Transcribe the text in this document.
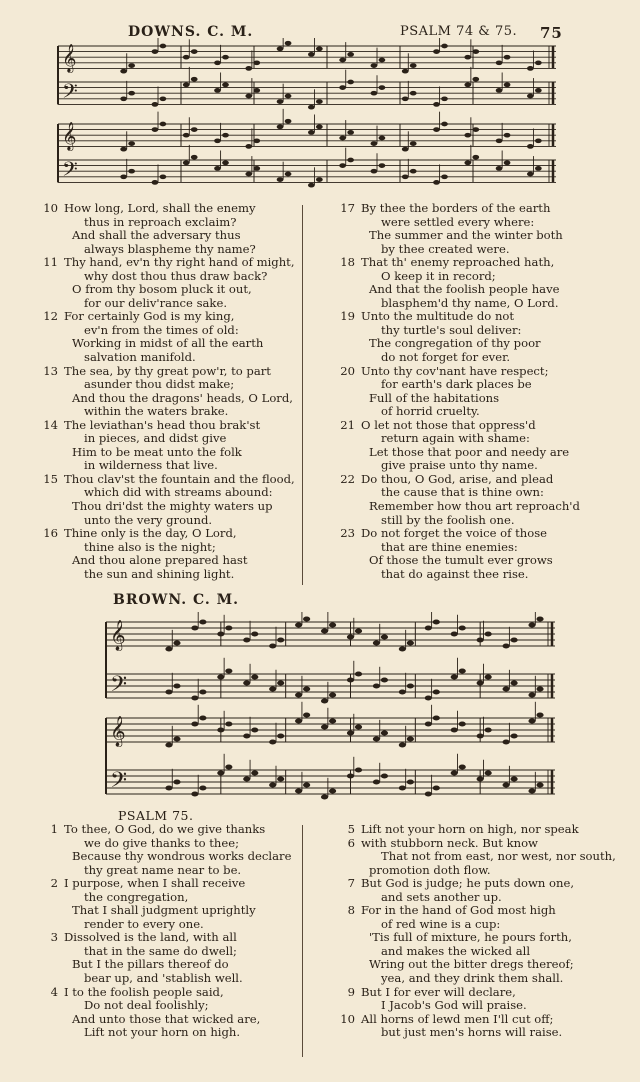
DOWNS. C. M.	PSALM 74 & 75. 75
𝄞
𝄢
𝄞
𝄢
10 How long, Lord, shall the enemy
thus in reproach exclaim?
And shall the adversary thus
always blaspheme thy name?
11 Thy hand, ev'n thy right hand of might,
why dost thou thus draw back?
O from thy bosom pluck it out,
for our deliv'rance sake.
12 For certainly God is my king,
ev'n from the times of old:
Working in midst of all the earth
salvation manifold.
13 The sea, by thy great pow'r, to part
asunder thou didst make;
And thou the dragons' heads, O Lord,
within the waters brake.
14 The leviathan's head thou brak'st
in pieces, and didst give
Him to be meat unto the folk
in wilderness that live.
15 Thou clav'st the fountain and the flood,
which did with streams abound:
Thou dri'dst the mighty waters up
unto the very ground.
16 Thine only is the day, O Lord,
thine also is the night;
And thou alone prepared hast
the sun and shining light.
17 By thee the borders of the earth
were settled every where:
The summer and the winter both
by thee created were.
18 That th' enemy reproached hath,
O keep it in record;
And that the foolish people have
blasphem'd thy name, O Lord.
19 Unto the multitude do not
thy turtle's soul deliver:
The congregation of thy poor
do not forget for ever.
20 Unto thy cov'nant have respect;
for earth's dark places be
Full of the habitations
of horrid cruelty.
21 O let not those that oppress'd
return again with shame:
Let those that poor and needy are
give praise unto thy name.
22 Do thou, O God, arise, and plead
the cause that is thine own:
Remember how thou art reproach'd
still by the foolish one.
23 Do not forget the voice of those
that are thine enemies:
Of those the tumult ever grows
that do against thee rise.
BROWN. C. M.
𝄞
𝄢
𝄞
𝄢
PSALM 75.
1 To thee, O God, do we give thanks
we do give thanks to thee;
Because thy wondrous works declare
thy great name near to be.
2 I purpose, when I shall receive
the congregation,
That I shall judgment uprightly
render to every one.
3 Dissolved is the land, with all
that in the same do dwell;
But I the pillars thereof do
bear up, and 'stablish well.
4 I to the foolish people said,
Do not deal foolishly;
And unto those that wicked are,
Lift not your horn on high.
5 Lift not your horn on high, nor speak
6 with stubborn neck. But know
That not from east, nor west, nor south,
promotion doth flow.
7 But God is judge; he puts down one,
and sets another up.
8 For in the hand of God most high
of red wine is a cup:
'Tis full of mixture, he pours forth,
and makes the wicked all
Wring out the bitter dregs thereof;
yea, and they drink them shall.
9 But I for ever will declare,
I Jacob's God will praise.
10 All horns of lewd men I'll cut off;
but just men's horns will raise.
